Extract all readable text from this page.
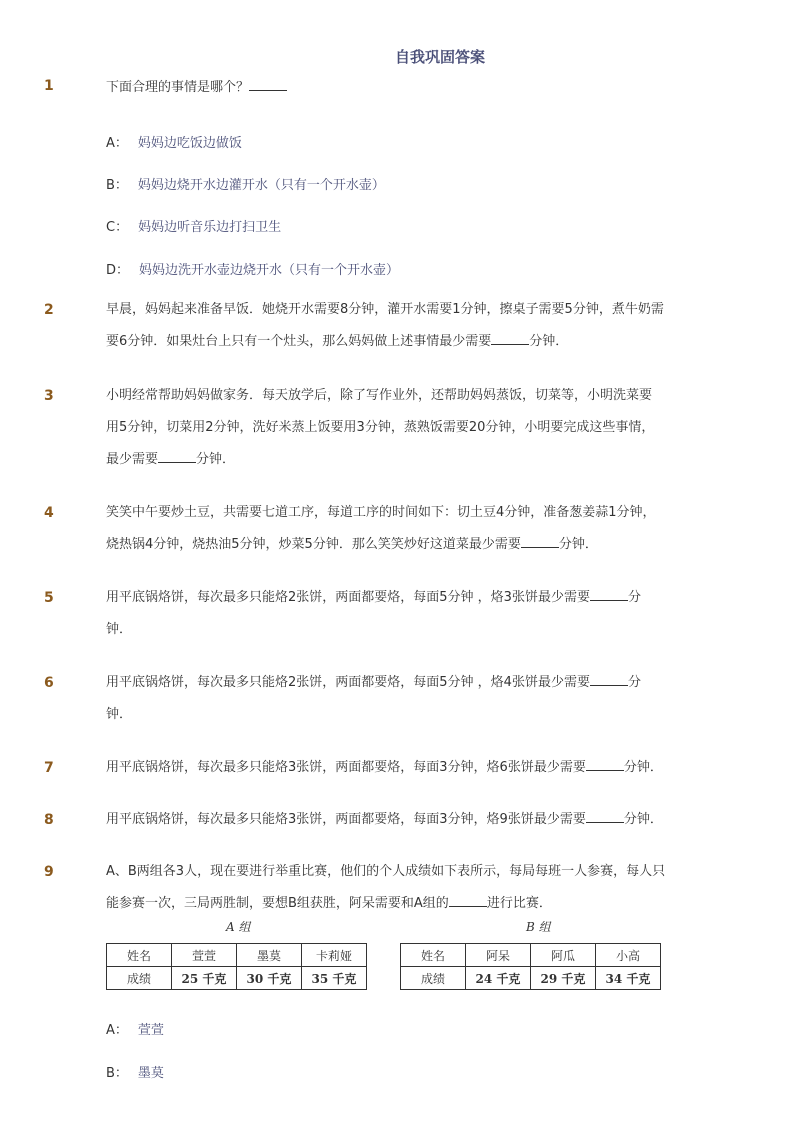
自我巩固答案
1	下面合理的事情是哪个？
A： 妈妈边吃饭边做饭
B： 妈妈边烧开水边灌开水（只有一个开水壶）
C： 妈妈边听音乐边打扫卫生
D： 妈妈边洗开水壶边烧开水（只有一个开水壶）
2	早晨，妈妈起来准备早饭．她烧开水需要8分钟，灌开水需要1分钟，擦桌子需要5分钟，煮牛奶需
要6分钟．如果灶台上只有一个灶头，那么妈妈做上述事情最少需要	分钟．
3	小明经常帮助妈妈做家务．每天放学后，除了写作业外，还帮助妈妈蒸饭，切菜等，小明洗菜要
用5分钟，切菜用2分钟，洗好米蒸上饭要用3分钟，蒸熟饭需要20分钟，小明要完成这些事情，
最少需要	分钟．
4	笑笑中午要炒土豆，共需要七道工序，每道工序的时间如下：切土豆4分钟，准备葱姜蒜1分钟，
烧热锅4分钟，烧热油5分钟，炒菜5分钟．那么笑笑炒好这道菜最少需要	分钟．
5	用平底锅烙饼，每次最多只能烙2张饼，两面都要烙，每面5分钟 ，烙3张饼最少需要	分
钟．
6	用平底锅烙饼，每次最多只能烙2张饼，两面都要烙，每面5分钟 ，烙4张饼最少需要	分
钟．
7	用平底锅烙饼，每次最多只能烙3张饼，两面都要烙，每面3分钟，烙6张饼最少需要	分钟．
8	用平底锅烙饼，每次最多只能烙3张饼，两面都要烙，每面3分钟，烙9张饼最少需要	分钟．
9	A、B两组各3人，现在要进行举重比赛，他们的个人成绩如下表所示，每局每班一人参赛，每人只
能参赛一次，三局两胜制，要想B组获胜，阿呆需要和A组的	进行比赛．
A 组
姓名	萱萱	墨莫	卡莉娅
成绩	25 千克	30 千克	35 千克
B 组
姓名	阿呆	阿瓜	小高
成绩	24 千克	29 千克	34 千克
A： 萱萱
B： 墨莫
